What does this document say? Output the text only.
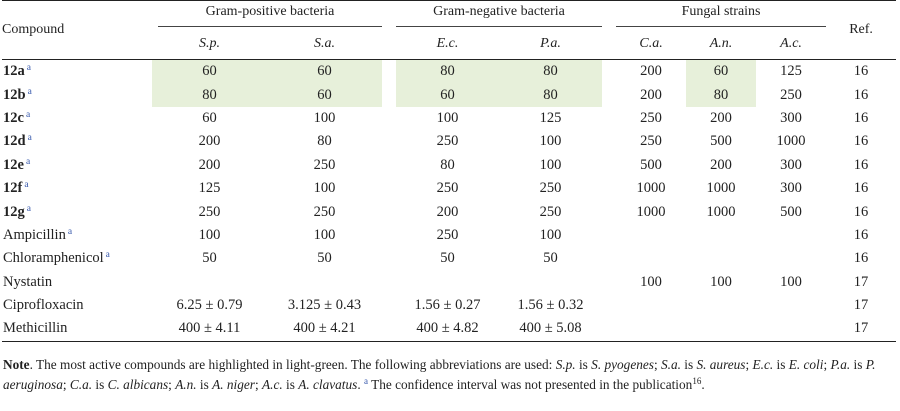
Compound	Gram-positive bacteria			Gram-negative bacteria			Fungal strains			Ref.
	S.p.	S.a.		E.c.	P.a.		C.a.	A.n.	A.c.	
12a $^a$	60	60		80	80		200	60	125	16
12b $^a$	80	60		60	80		200	80	250	16
12c $^a$	60	100		100	125		250	200	300	16
12d $^a$	200	80		250	100		250	500	1000	16
12e $^a$	200	250		80	100		500	200	300	16
12f $^a$	125	100		250	250		1000	1000	300	16
12g $^a$	250	250		200	250		1000	1000	500	16
Ampicillin $^a$	100	100		250	100					16
Chloramphenicol $^a$	50	50		50	50					16
Nystatin							100	100	100	17
Ciprofloxacin	6.25 ± 0.79	3.125 ± 0.43		1.56 ± 0.27	1.56 ± 0.32					17
Methicillin	400 ± 4.11	400 ± 4.21		400 ± 4.82	400 ± 5.08					17
Note. The most active compounds are highlighted in light-green. The following abbreviations are used: S.p. is S. pyogenes; S.a. is S. aureus; E.c. is E. coli; P.a. is P. aeruginosa; C.a. is C. albicans; A.n. is A. niger; A.c. is A. clavatus. $^a$ The confidence interval was not presented in the publication$^{16}$.
